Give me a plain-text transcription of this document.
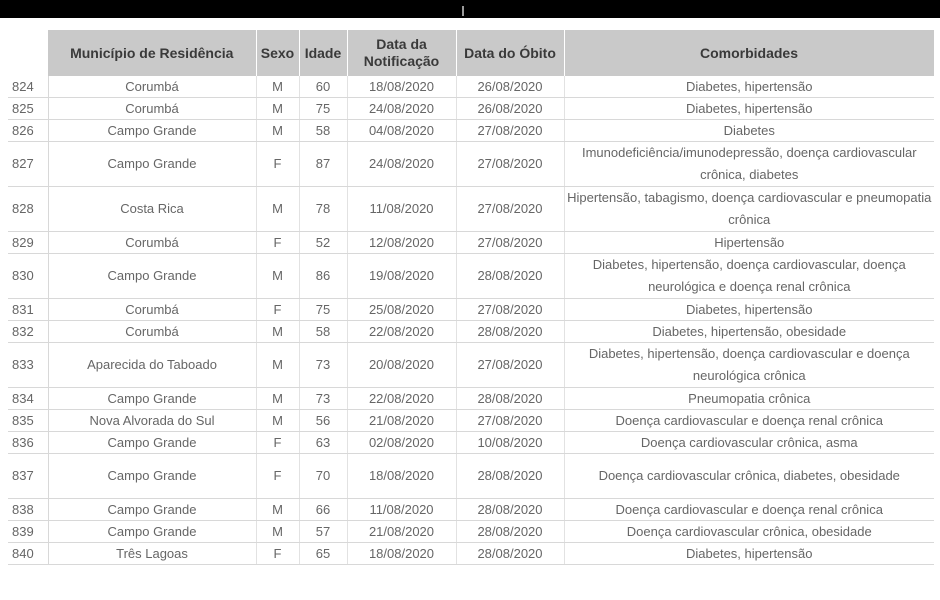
	Município de Residência	Sexo	Idade	Data da Notificação	Data do Óbito	Comorbidades
824	Corumbá	M	60	18/08/2020	26/08/2020	Diabetes, hipertensão
825	Corumbá	M	75	24/08/2020	26/08/2020	Diabetes, hipertensão
826	Campo Grande	M	58	04/08/2020	27/08/2020	Diabetes
827	Campo Grande	F	87	24/08/2020	27/08/2020	Imunodeficiência/imunodepressão, doença cardiovascular crônica, diabetes
828	Costa Rica	M	78	11/08/2020	27/08/2020	Hipertensão, tabagismo, doença cardiovascular e pneumopatia crônica
829	Corumbá	F	52	12/08/2020	27/08/2020	Hipertensão
830	Campo Grande	M	86	19/08/2020	28/08/2020	Diabetes, hipertensão, doença cardiovascular, doença neurológica e doença renal crônica
831	Corumbá	F	75	25/08/2020	27/08/2020	Diabetes, hipertensão
832	Corumbá	M	58	22/08/2020	28/08/2020	Diabetes, hipertensão, obesidade
833	Aparecida do Taboado	M	73	20/08/2020	27/08/2020	Diabetes, hipertensão, doença cardiovascular e doença neurológica crônica
834	Campo Grande	M	73	22/08/2020	28/08/2020	Pneumopatia crônica
835	Nova Alvorada do Sul	M	56	21/08/2020	27/08/2020	Doença cardiovascular e doença renal crônica
836	Campo Grande	F	63	02/08/2020	10/08/2020	Doença cardiovascular crônica, asma
837	Campo Grande	F	70	18/08/2020	28/08/2020	Doença cardiovascular crônica, diabetes, obesidade
838	Campo Grande	M	66	11/08/2020	28/08/2020	Doença cardiovascular e doença renal crônica
839	Campo Grande	M	57	21/08/2020	28/08/2020	Doença cardiovascular crônica, obesidade
840	Três Lagoas	F	65	18/08/2020	28/08/2020	Diabetes, hipertensão
